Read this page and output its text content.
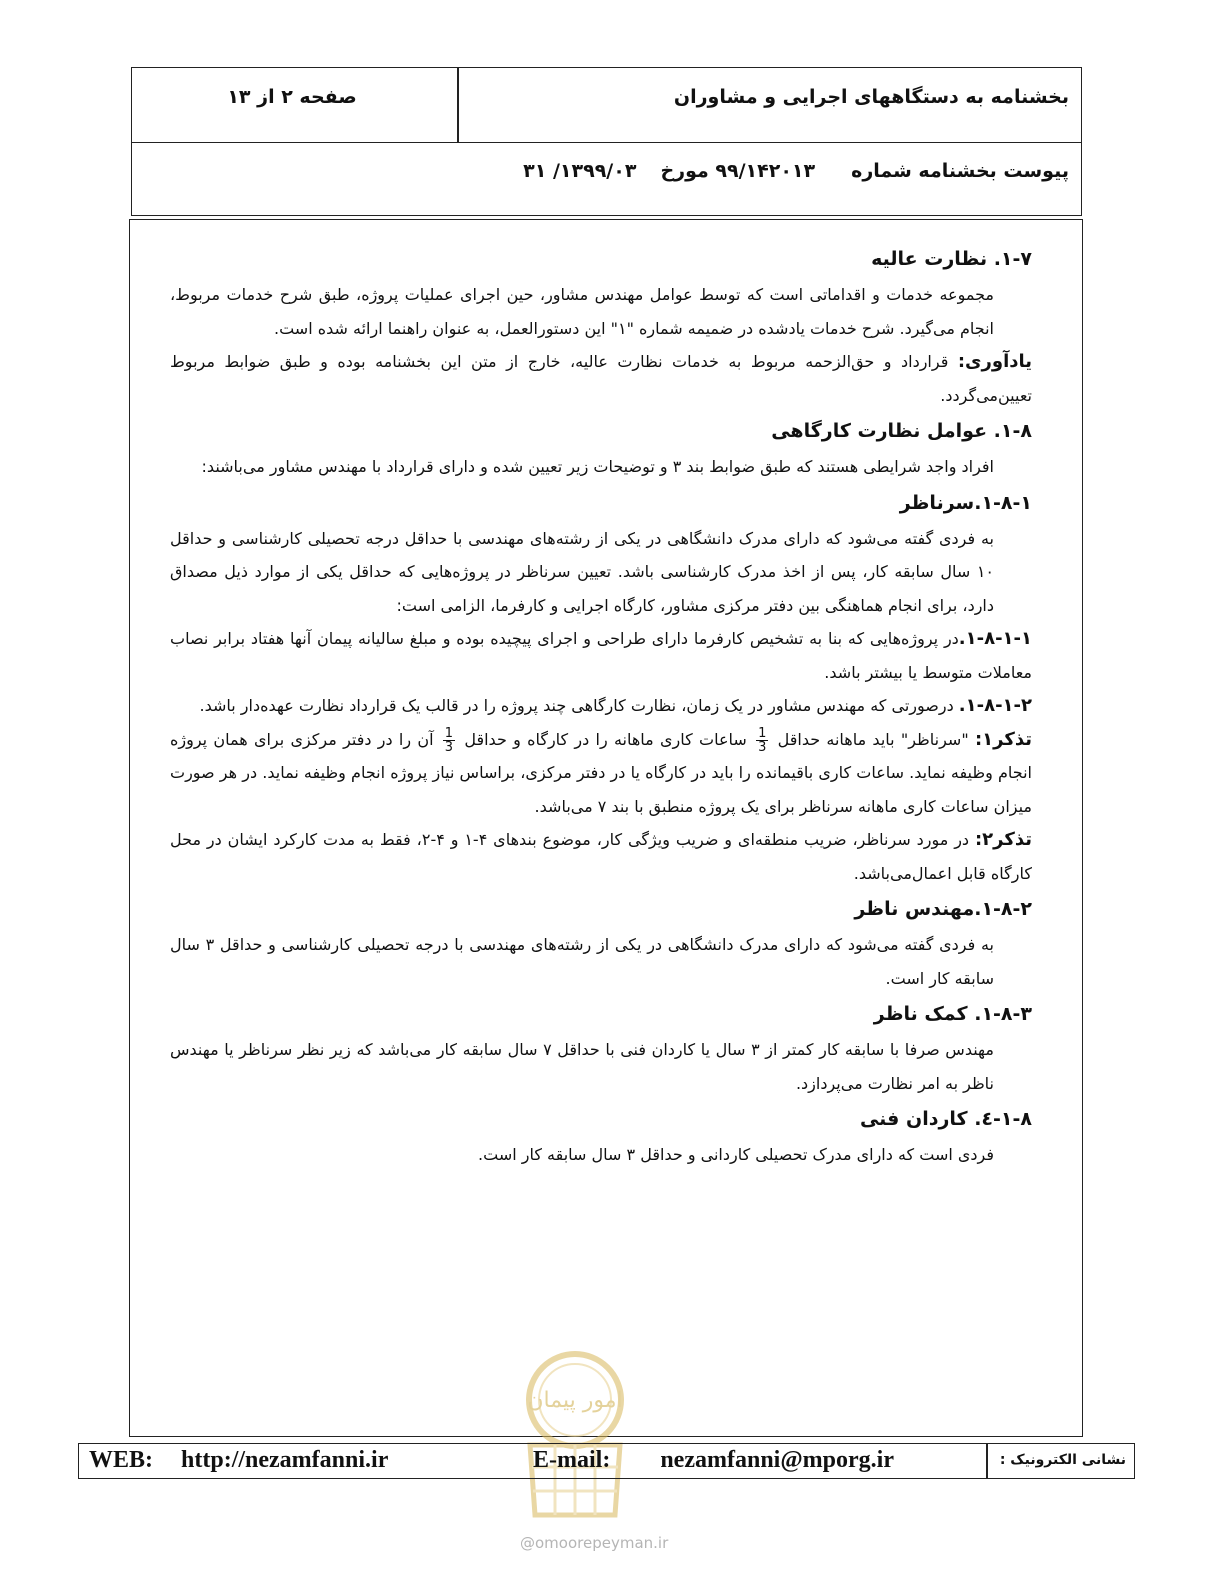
بخشنامه به دستگاههای اجرایی و مشاوران
صفحه ۲ از ۱۳
پیوست بخشنامه شماره۹۹/۱۴۲۰۱۳ مورخ۱۳۹۹/۰۳/ ۳۱

۱-۷. نظارت عالیه

مجموعه خدمات و اقداماتی است که توسط عوامل مهندس مشاور، حین اجرای عملیات پروژه، طبق شرح خدمات مربوط، انجام می‌گیرد. شرح خدمات یادشده در ضمیمه شماره "۱" این دستورالعمل، به عنوان راهنما ارائه شده است.

یادآوری: قرارداد و حق‌الزحمه مربوط به خدمات نظارت عالیه، خارج از متن این بخشنامه بوده و طبق ضوابط مربوط تعیین‌می‌گردد.

۱-۸. عوامل نظارت کارگاهی

افراد واجد شرایطی هستند که طبق ضوابط بند ۳ و توضیحات زیر تعیین شده و دارای قرارداد با مهندس مشاور می‌باشند:

۱-۸-۱.سرناظر

به فردی گفته می‌شود که دارای مدرک دانشگاهی در یکی از رشته‌های مهندسی با حداقل درجه تحصیلی کارشناسی و حداقل ۱۰ سال سابقه کار، پس از اخذ مدرک کارشناسی باشد. تعیین سرناظر در پروژه‌هایی که حداقل یکی از موارد ذیل مصداق دارد، برای انجام هماهنگی بین دفتر مرکزی مشاور، کارگاه اجرایی و کارفرما، الزامی است:

۱-۸-۱-۱.در پروژه‌هایی که بنا به تشخیص کارفرما دارای طراحی و اجرای پیچیده بوده و مبلغ سالیانه پیمان آنها هفتاد برابر نصاب معاملات متوسط یا بیشتر باشد.

۱-۸-۱-۲. درصورتی که مهندس مشاور در یک زمان، نظارت کارگاهی چند پروژه را در قالب یک قرارداد نظارت عهده‌دار باشد.

تذکر۱: "سرناظر" باید ماهانه حداقل
$\frac{1}{3}$
ساعات کاری ماهانه را در کارگاه و حداقل
$\frac{1}{3}$
آن را در دفتر مرکزی برای همان پروژه انجام وظیفه نماید. ساعات کاری باقیمانده را باید در کارگاه یا در دفتر مرکزی، براساس نیاز پروژه انجام وظیفه نماید. در هر صورت میزان ساعات کاری ماهانه سرناظر برای یک پروژه منطبق با بند ۷ می‌باشد.

تذکر۲: در مورد سرناظر، ضریب منطقه‌ای و ضریب ویژگی کار، موضوع بندهای ۴-۱ و ۴-۲، فقط به مدت کارکرد ایشان در محل کارگاه قابل اعمال‌می‌باشد.

۱-۸-۲.مهندس ناظر

به فردی گفته می‌شود که دارای مدرک دانشگاهی در یکی از رشته‌های مهندسی با درجه تحصیلی کارشناسی و حداقل ۳ سال سابقه کار است.

۱-۸-۳. کمک ناظر

مهندس صرفا با سابقه کار کمتر از ۳ سال یا کاردان فنی با حداقل ۷ سال سابقه کار می‌باشد که زیر نظر سرناظر یا مهندس ناظر به امر نظارت می‌پردازد.

۱-۸-٤. کاردان فنی

فردی است که دارای مدرک تحصیلی کاردانی و حداقل ۳ سال سابقه کار است.

امور پیمان
نشانی الکترونیک :
WEB: http://nezamfanni.ir	E-mail: nezamfanni@mporg.ir
@omoorepeyman.ir
